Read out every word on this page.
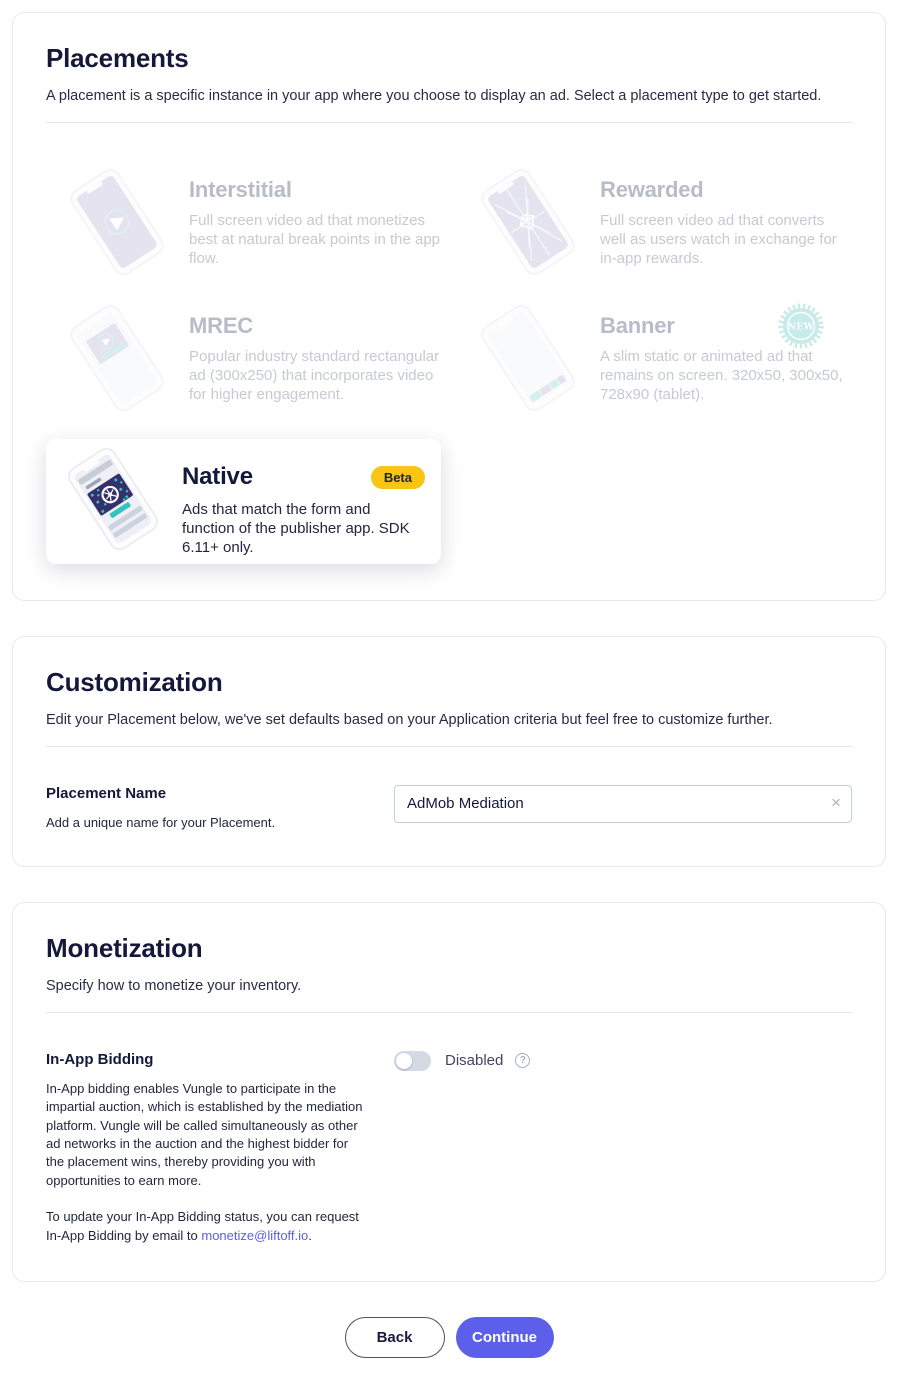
Placements

A placement is a specific instance in your app where you choose to display an ad. Select a placement type to get started.

Interstitial
Full screen video ad that monetizes best at natural break points in the app flow.
Rewarded
Full screen video ad that converts well as users watch in exchange for in-app rewards.
MREC
Popular industry standard rectangular ad (300x250) that incorporates video for higher engagement.
Banner
A slim static or animated ad that remains on screen. 320x50, 300x50, 728x90 (tablet).
NEW
Native	Beta
Ads that match the form and function of the publisher app. SDK 6.11+ only.
Customization

Edit your Placement below, we've set defaults based on your Application criteria but feel free to customize further.

Placement Name
Add a unique name for your Placement.
AdMob Mediation
×
Monetization

Specify how to monetize your inventory.

In-App Bidding

In-App bidding enables Vungle to participate in the impartial auction, which is established by the mediation platform. Vungle will be called simultaneously as other ad networks in the auction and the highest bidder for the placement wins, thereby providing you with opportunities to earn more.

To update your In-App Bidding status, you can request In-App Bidding by email to monetize@liftoff.io.

Disabled	?
Back	Continue
